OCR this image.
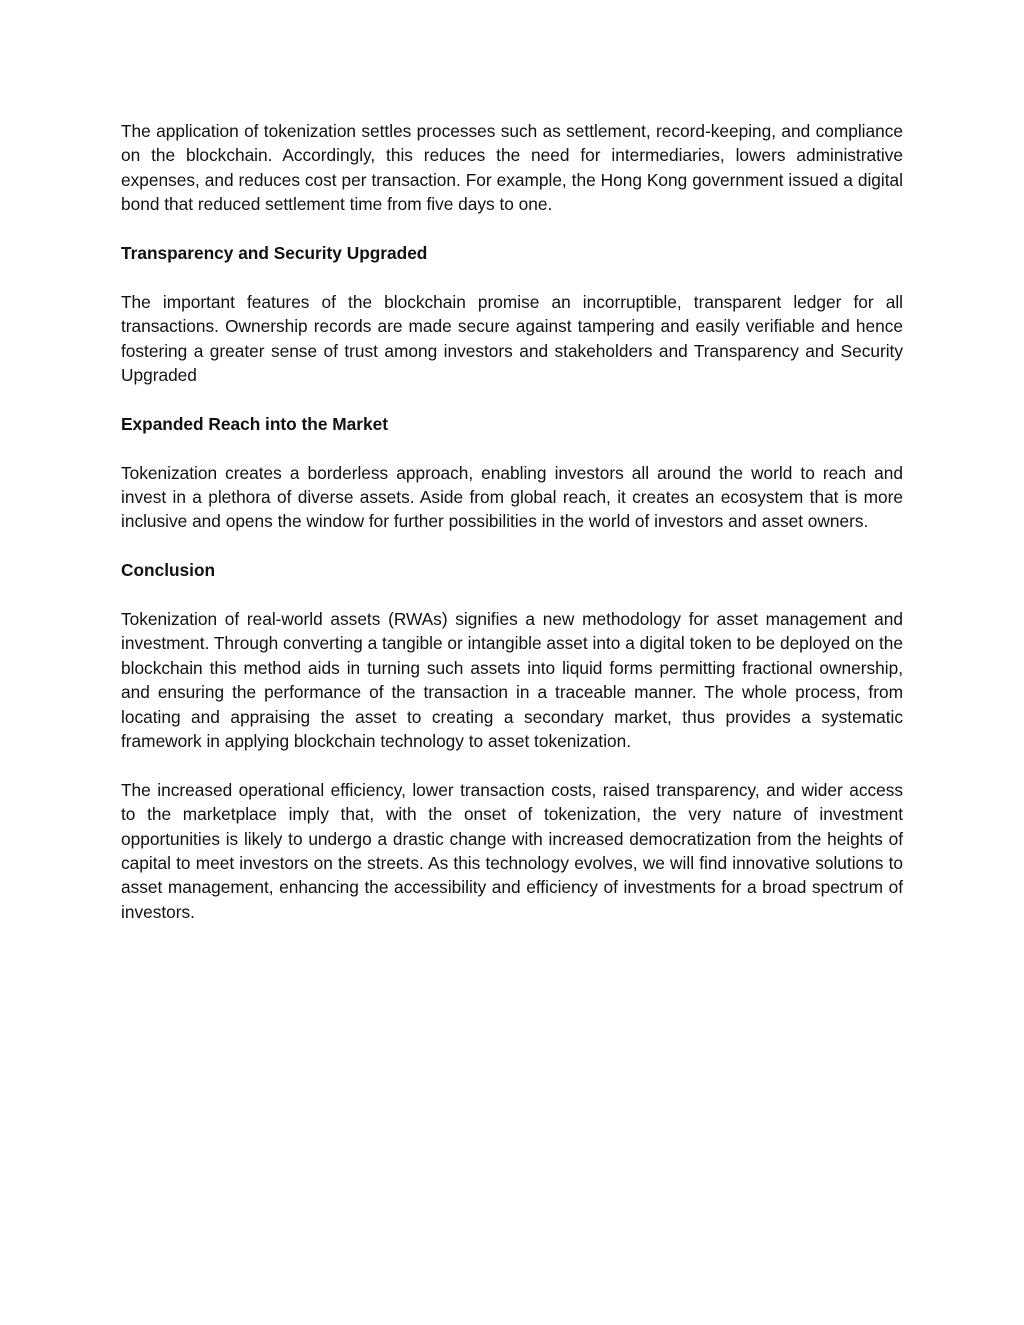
The application of tokenization settles processes such as settlement, record-keeping, and compliance on the blockchain. Accordingly, this reduces the need for intermediaries, lowers administrative expenses, and reduces cost per transaction. For example, the Hong Kong government issued a digital bond that reduced settlement time from five days to one.

Transparency and Security Upgraded

The important features of the blockchain promise an incorruptible, transparent ledger for all transactions. Ownership records are made secure against tampering and easily verifiable and hence fostering a greater sense of trust among investors and stakeholders and Transparency and Security Upgraded

Expanded Reach into the Market

Tokenization creates a borderless approach, enabling investors all around the world to reach and invest in a plethora of diverse assets. Aside from global reach, it creates an ecosystem that is more inclusive and opens the window for further possibilities in the world of investors and asset owners.

Conclusion

Tokenization of real-world assets (RWAs) signifies a new methodology for asset management and investment. Through converting a tangible or intangible asset into a digital token to be deployed on the blockchain this method aids in turning such assets into liquid forms permitting fractional ownership, and ensuring the performance of the transaction in a traceable manner. The whole process, from locating and appraising the asset to creating a secondary market, thus provides a systematic framework in applying blockchain technology to asset tokenization.

The increased operational efficiency, lower transaction costs, raised transparency, and wider access to the marketplace imply that, with the onset of tokenization, the very nature of investment opportunities is likely to undergo a drastic change with increased democratization from the heights of capital to meet investors on the streets. As this technology evolves, we will find innovative solutions to asset management, enhancing the accessibility and efficiency of investments for a broad spectrum of investors.
